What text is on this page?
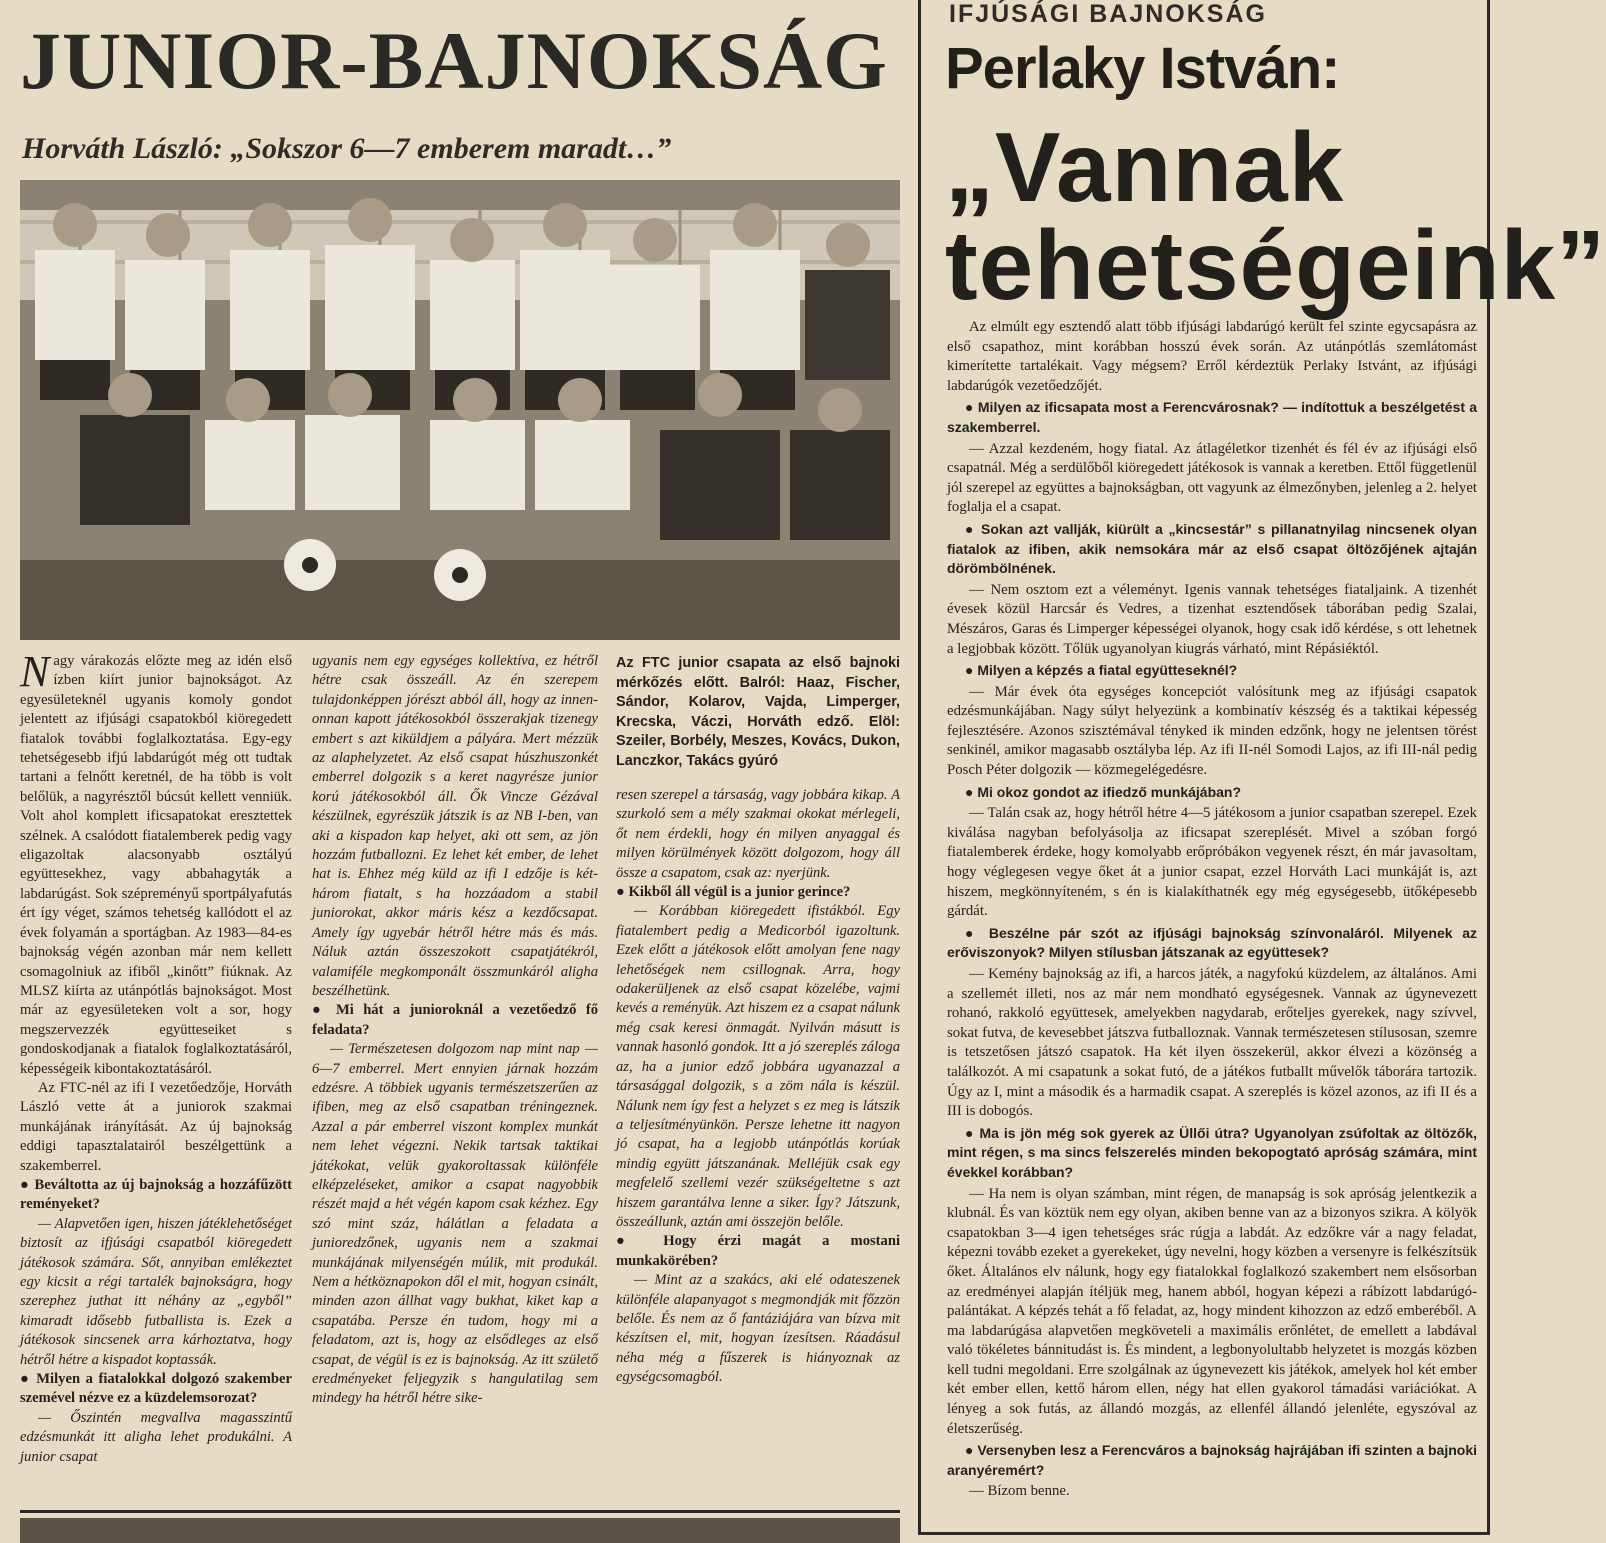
JUNIOR-BAJNOKSÁG
Horváth László: „Sokszor 6—7 emberem maradt…”

N agy várakozás előzte meg az idén első ízben kiírt junior bajnokságot. Az egyesületeknél ugyanis komoly gondot jelentett az ifjúsági csapatokból kiöregedett fiatalok további foglalkoztatása. Egy-egy tehetségesebb ifjú labdarúgót még ott tudtak tartani a felnőtt keretnél, de ha több is volt belőlük, a nagyrésztől búcsút kellett venniük. Volt ahol komplett ificsapatokat eresztettek szélnek. A csalódott fiatalemberek pedig vagy eligazoltak alacsonyabb osztályú együttesekhez, vagy abbahagyták a labdarúgást. Sok szépreményű sportpályafutás ért így véget, számos tehetség kallódott el az évek folyamán a sportágban. Az 1983—84-es bajnokság végén azonban már nem kellett csomagolniuk az ifiből „kinőtt” fiúknak. Az MLSZ kiírta az utánpótlás bajnokságot. Most már az egyesületeken volt a sor, hogy megszervezzék együtteseiket s gondoskodjanak a fiatalok foglalkoztatásáról, képességeik kibontakoztatásáról.

Az FTC-nél az ifi I vezetőedzője, Horváth László vette át a juniorok szakmai munkájának irányítását. Az új bajnokság eddigi tapasztalatairól beszélgettünk a szakemberrel.

● Beváltotta az új bajnokság a hozzáfűzött reményeket?

— Alapvetően igen, hiszen játéklehetőséget biztosít az ifjúsági csapatból kiöregedett játékosok számára. Sőt, annyiban emlékeztet egy kicsit a régi tartalék bajnokságra, hogy szerephez juthat itt néhány az „egyből” kimaradt idősebb futballista is. Ezek a játékosok sincsenek arra kárhoztatva, hogy hétről hétre a kispadot koptassák.

● Milyen a fiatalokkal dolgozó szakember szemével nézve ez a küzdelemsorozat?

— Őszintén megvallva magasszintű edzésmunkát itt aligha lehet produkálni. A junior csapat

ugyanis nem egy egységes kollektíva, ez hétről hétre csak összeáll. Az én szerepem tulajdonképpen jórészt abból áll, hogy az innen-onnan kapott játékosokból összerakjak tizenegy embert s azt kiküldjem a pályára. Mert mézzük az alaphelyzetet. Az első csapat húszhuszonkét emberrel dolgozik s a keret nagyrésze junior korú játékosokból áll. Ők Vincze Gézával készülnek, egyrészük játszik is az NB I-ben, van aki a kispadon kap helyet, aki ott sem, az jön hozzám futballozni. Ez lehet két ember, de lehet hat is. Ehhez még küld az ifi I edzője is két-három fiatalt, s ha hozzáadom a stabil juniorokat, akkor máris kész a kezdőcsapat. Amely így ugyebár hétről hétre más és más. Náluk aztán összeszokott csapatjátékról, valamiféle megkomponált összmunkáról aligha beszélhetünk.

● Mi hát a junioroknál a vezetőedző fő feladata?

— Természetesen dolgozom nap mint nap — 6—7 emberrel. Mert ennyien járnak hozzám edzésre. A többiek ugyanis természetszerűen az ifiben, meg az első csapatban tréningeznek. Azzal a pár emberrel viszont komplex munkát nem lehet végezni. Nekik tartsak taktikai játékokat, velük gyakoroltassak különféle elképzeléseket, amikor a csapat nagyobbik részét majd a hét végén kapom csak kézhez. Egy szó mint száz, hálátlan a feladata a junioredzőnek, ugyanis nem a szakmai munkájának milyenségén múlik, mit produkál. Nem a hétköznapokon dől el mit, hogyan csinált, minden azon állhat vagy bukhat, kiket kap a csapatába. Persze én tudom, hogy mi a feladatom, azt is, hogy az elsődleges az első csapat, de végül is ez is bajnokság. Az itt születő eredményeket feljegyzik s hangulatilag sem mindegy ha hétről hétre sike-

Az FTC junior csapata az első bajnoki mérkőzés előtt. Balról: Haaz, Fischer, Sándor, Kolarov, Vajda, Limperger, Krecska, Váczi, Horváth edző. Elöl: Szeiler, Borbély, Meszes, Kovács, Dukon, Lanczkor, Takács gyúró

resen szerepel a társaság, vagy jobbára kikap. A szurkoló sem a mély szakmai okokat mérlegeli, őt nem érdekli, hogy én milyen anyaggal és milyen körülmények között dolgozom, hogy áll össze a csapatom, csak az: nyerjünk.

● Kikből áll végül is a junior gerince?

— Korábban kiöregedett ifistákból. Egy fiatalembert pedig a Medicorból igazoltunk. Ezek előtt a játékosok előtt amolyan fene nagy lehetőségek nem csillognak. Arra, hogy odakerüljenek az első csapat közelébe, vajmi kevés a reményük. Azt hiszem ez a csapat nálunk még csak keresi önmagát. Nyilván másutt is vannak hasonló gondok. Itt a jó szereplés záloga az, ha a junior edző jobbára ugyanazzal a társasággal dolgozik, s a zöm nála is készül. Nálunk nem így fest a helyzet s ez meg is látszik a teljesítményünkön. Persze lehetne itt nagyon jó csapat, ha a legjobb utánpótlás korúak mindig együtt játszanának. Melléjük csak egy megfelelő szellemi vezér szükségeltetne s azt hiszem garantálva lenne a siker. Így? Játszunk, összeállunk, aztán ami összejön belőle.

● Hogy érzi magát a mostani munkakörében?

— Mint az a szakács, aki elé odateszenek különféle alapanyagot s megmondják mit főzzön belőle. És nem az ő fantáziájára van bízva mit készítsen el, mit, hogyan ízesítsen. Ráadásul néha még a fűszerek is hiányoznak az egységcsomagból.

IFJÚSÁGI BAJNOKSÁG
Perlaky István:
„Vannak
tehetségeink”

Az elmúlt egy esztendő alatt több ifjúsági labdarúgó került fel szinte egycsapásra az első csapathoz, mint korábban hosszú évek során. Az utánpótlás szemlátomást kimerítette tartalékait. Vagy mégsem? Erről kérdeztük Perlaky Istvánt, az ifjúsági labdarúgók vezetőedzőjét.

● Milyen az ificsapata most a Ferencvárosnak? — indítottuk a beszélgetést a szakemberrel.

— Azzal kezdeném, hogy fiatal. Az átlagéletkor tizenhét és fél év az ifjúsági első csapatnál. Még a serdülőből kiöregedett játékosok is vannak a keretben. Ettől függetlenül jól szerepel az együttes a bajnokságban, ott vagyunk az élmezőnyben, jelenleg a 2. helyet foglalja el a csapat.

● Sokan azt vallják, kiürült a „kincsestár” s pillanatnyilag nincsenek olyan fiatalok az ifiben, akik nemsokára már az első csapat öltözőjének ajtaján dörömbölnének.

— Nem osztom ezt a véleményt. Igenis vannak tehetséges fiataljaink. A tizenhét évesek közül Harcsár és Vedres, a tizenhat esztendősek táborában pedig Szalai, Mészáros, Garas és Limperger képességei olyanok, hogy csak idő kérdése, s ott lehetnek a legjobbak között. Tőlük ugyanolyan kiugrás várható, mint Répásiéktól.

● Milyen a képzés a fiatal együtteseknél?

— Már évek óta egységes koncepciót valósítunk meg az ifjúsági csapatok edzésmunkájában. Nagy súlyt helyezünk a kombinatív készség és a taktikai képesség fejlesztésére. Azonos szisztémával tényked ik minden edzőnk, hogy ne jelentsen törést senkinél, amikor magasabb osztályba lép. Az ifi II-nél Somodi Lajos, az ifi III-nál pedig Posch Péter dolgozik — közmegelégedésre.

● Mi okoz gondot az ifiedző munkájában?

— Talán csak az, hogy hétről hétre 4—5 játékosom a junior csapatban szerepel. Ezek kiválása nagyban befolyásolja az ificsapat szereplését. Mivel a szóban forgó fiatalemberek érdeke, hogy komolyabb erőpróbákon vegyenek részt, én már javasoltam, hogy véglegesen vegye őket át a junior csapat, ezzel Horváth Laci munkáját is, azt hiszem, megkönnyíteném, s én is kialakíthatnék egy még egységesebb, ütőképesebb gárdát.

● Beszélne pár szót az ifjúsági bajnokság színvonaláról. Milyenek az erőviszonyok? Milyen stílusban játszanak az együttesek?

— Kemény bajnokság az ifi, a harcos játék, a nagyfokú küzdelem, az általános. Ami a szellemét illeti, nos az már nem mondható egységesnek. Vannak az úgynevezett rohanó, rakkoló együttesek, amelyekben nagydarab, erőteljes gyerekek, nagy szívvel, sokat futva, de kevesebbet játszva futballoznak. Vannak természetesen stílusosan, szemre is tetszetősen játszó csapatok. Ha két ilyen összekerül, akkor élvezi a közönség a találkozót. A mi csapatunk a sokat futó, de a játékos futballt művelők táborára tartozik. Úgy az I, mint a második és a harmadik csapat. A szereplés is közel azonos, az ifi II és a III is dobogós.

● Ma is jön még sok gyerek az Üllői útra? Ugyanolyan zsúfoltak az öltözők, mint régen, s ma sincs felszerelés minden bekopogtató apróság számára, mint évekkel korábban?

— Ha nem is olyan számban, mint régen, de manapság is sok apróság jelentkezik a klubnál. És van köztük nem egy olyan, akiben benne van az a bizonyos szikra. A kölyök csapatokban 3—4 igen tehetséges srác rúgja a labdát. Az edzőkre vár a nagy feladat, képezni tovább ezeket a gyerekeket, úgy nevelni, hogy közben a versenyre is felkészítsük őket. Általános elv nálunk, hogy egy fiatalokkal foglalkozó szakembert nem elsősorban az eredményei alapján ítéljük meg, hanem abból, hogyan képezi a rábízott labdarúgó-palántákat. A képzés tehát a fő feladat, az, hogy mindent kihozzon az edző emberéből. A ma labdarúgása alapvetően megköveteli a maximális erőnlétet, de emellett a labdával való tökéletes bánnitudást is. És mindent, a legbonyolultabb helyzetet is mozgás közben kell tudni megoldani. Erre szolgálnak az úgynevezett kis játékok, amelyek hol két ember két ember ellen, kettő három ellen, négy hat ellen gyakorol támadási variációkat. A lényeg a sok futás, az állandó mozgás, az ellenfél állandó jelenléte, egyszóval az életszerűség.

● Versenyben lesz a Ferencváros a bajnokság hajrájában ifi szinten a bajnoki aranyéremért?

— Bízom benne.
